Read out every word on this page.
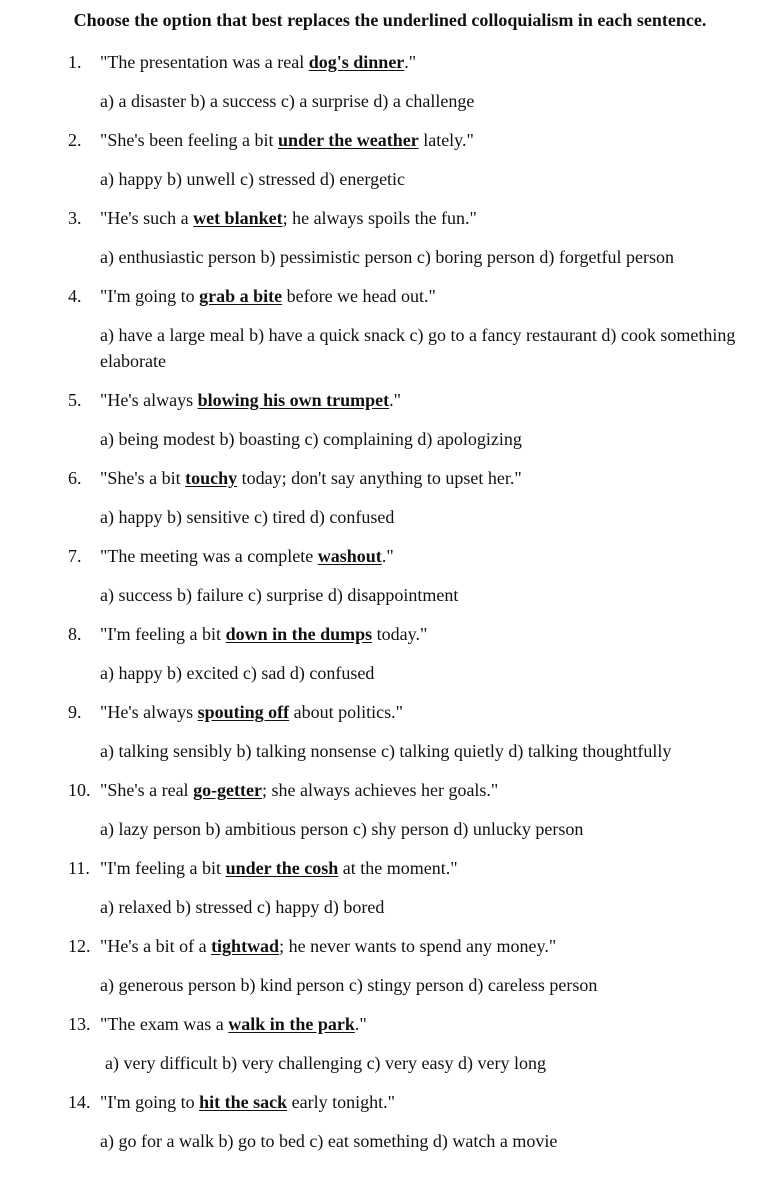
Choose the option that best replaces the underlined colloquialism in each sentence.
1. "The presentation was a real dog's dinner."
a) a disaster b) a success c) a surprise d) a challenge
2. "She's been feeling a bit under the weather lately."
a) happy b) unwell c) stressed d) energetic
3. "He's such a wet blanket; he always spoils the fun."
a) enthusiastic person b) pessimistic person c) boring person d) forgetful person
4. "I'm going to grab a bite before we head out."
a) have a large meal b) have a quick snack c) go to a fancy restaurant d) cook something elaborate
5. "He's always blowing his own trumpet."
a) being modest b) boasting c) complaining d) apologizing
6. "She's a bit touchy today; don't say anything to upset her."
a) happy b) sensitive c) tired d) confused
7. "The meeting was a complete washout."
a) success b) failure c) surprise d) disappointment
8. "I'm feeling a bit down in the dumps today."
a) happy b) excited c) sad d) confused
9. "He's always spouting off about politics."
a) talking sensibly b) talking nonsense c) talking quietly d) talking thoughtfully
10. "She's a real go-getter; she always achieves her goals."
a) lazy person b) ambitious person c) shy person d) unlucky person
11. "I'm feeling a bit under the cosh at the moment."
a) relaxed b) stressed c) happy d) bored
12. "He's a bit of a tightwad; he never wants to spend any money."
a) generous person b) kind person c) stingy person d) careless person
13. "The exam was a walk in the park."
a) very difficult b) very challenging c) very easy d) very long
14. "I'm going to hit the sack early tonight."
a) go for a walk b) go to bed c) eat something d) watch a movie
